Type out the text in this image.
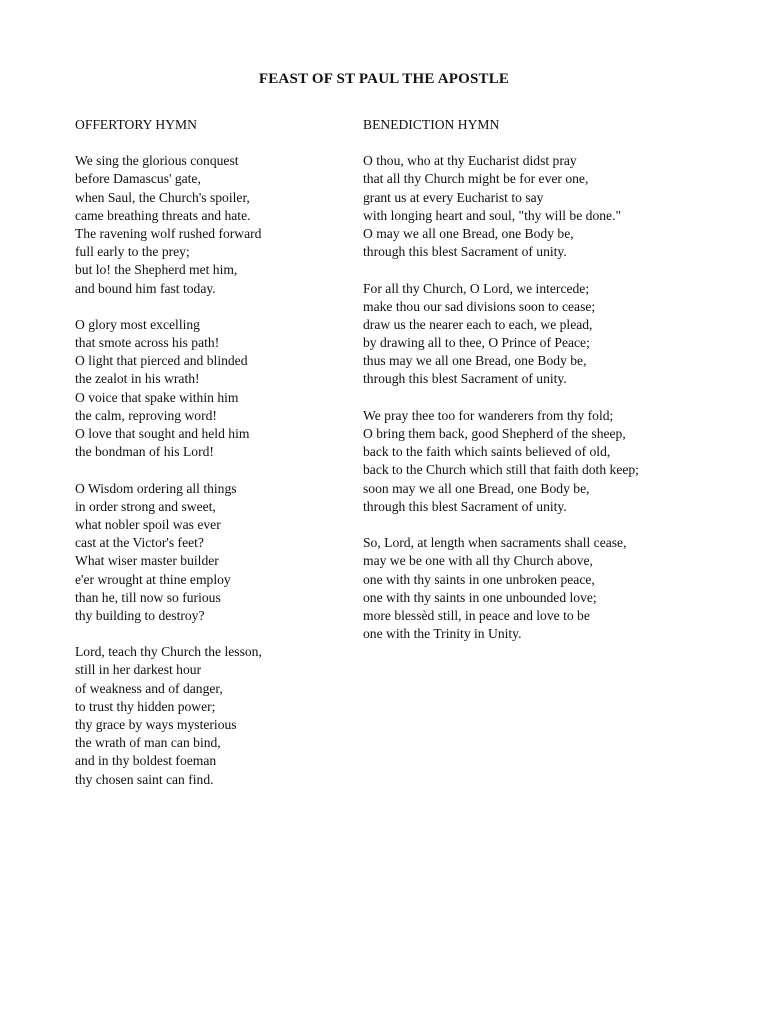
FEAST OF ST PAUL THE APOSTLE
OFFERTORY HYMN
We sing the glorious conquest
before Damascus' gate,
when Saul, the Church's spoiler,
came breathing threats and hate.
The ravening wolf rushed forward
full early to the prey;
but lo! the Shepherd met him,
and bound him fast today.
O glory most excelling
that smote across his path!
O light that pierced and blinded
the zealot in his wrath!
O voice that spake within him
the calm, reproving word!
O love that sought and held him
the bondman of his Lord!
O Wisdom ordering all things
in order strong and sweet,
what nobler spoil was ever
cast at the Victor's feet?
What wiser master builder
e'er wrought at thine employ
than he, till now so furious
thy building to destroy?
Lord, teach thy Church the lesson,
still in her darkest hour
of weakness and of danger,
to trust thy hidden power;
thy grace by ways mysterious
the wrath of man can bind,
and in thy boldest foeman
thy chosen saint can find.
BENEDICTION HYMN
O thou, who at thy Eucharist didst pray
that all thy Church might be for ever one,
grant us at every Eucharist to say
with longing heart and soul, "thy will be done."
O may we all one Bread, one Body be,
through this blest Sacrament of unity.
For all thy Church, O Lord, we intercede;
make thou our sad divisions soon to cease;
draw us the nearer each to each, we plead,
by drawing all to thee, O Prince of Peace;
thus may we all one Bread, one Body be,
through this blest Sacrament of unity.
We pray thee too for wanderers from thy fold;
O bring them back, good Shepherd of the sheep,
back to the faith which saints believed of old,
back to the Church which still that faith doth keep;
soon may we all one Bread, one Body be,
through this blest Sacrament of unity.
So, Lord, at length when sacraments shall cease,
may we be one with all thy Church above,
one with thy saints in one unbroken peace,
one with thy saints in one unbounded love;
more blessèd still, in peace and love to be
one with the Trinity in Unity.
